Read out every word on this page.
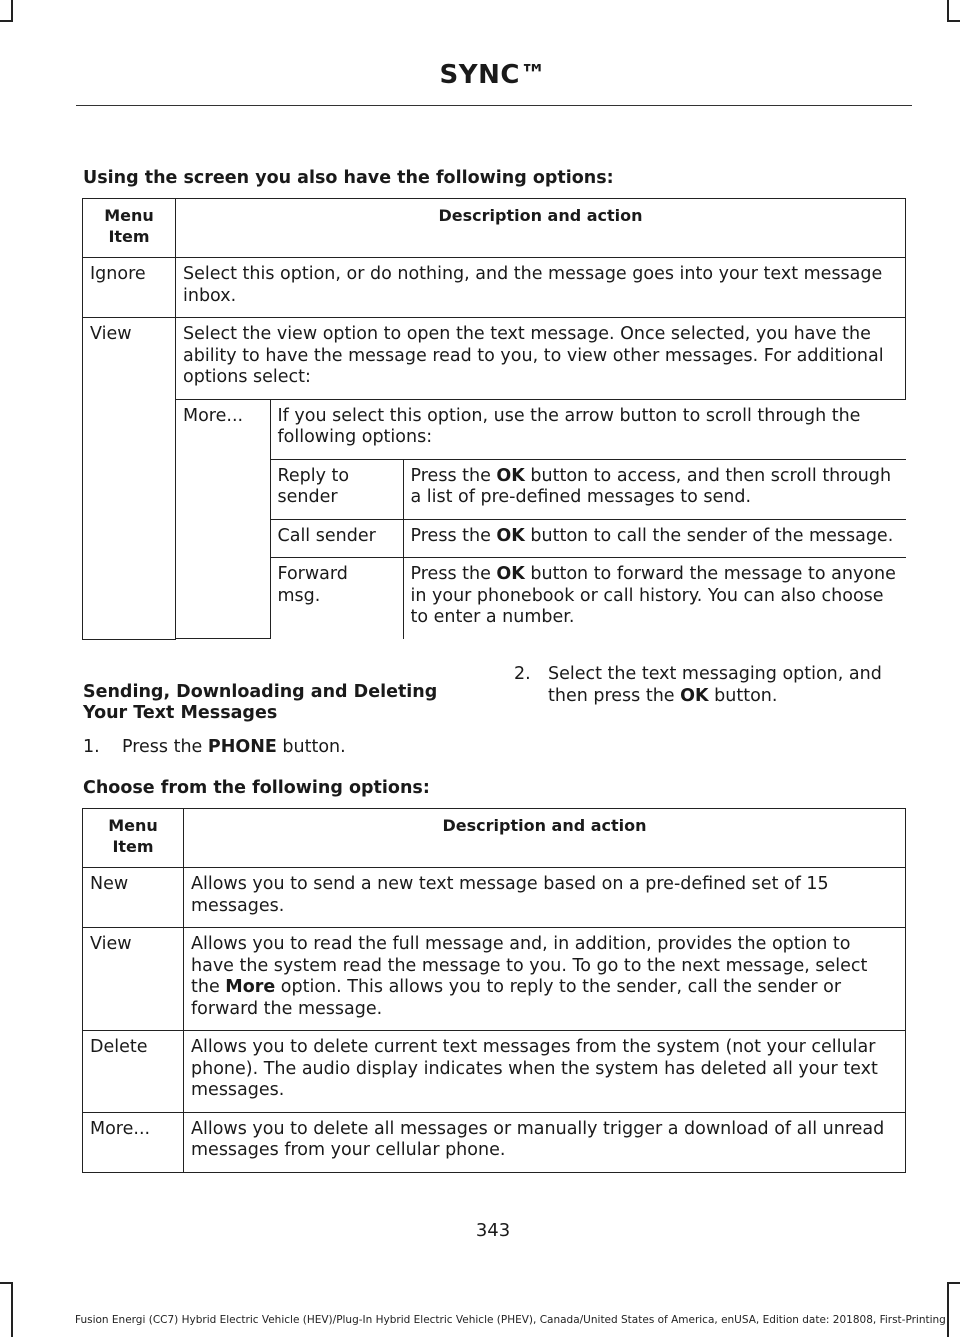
SYNC™
Using the screen you also have the following options:
Menu Item	Description and action
Ignore	Select this option, or do nothing, and the message goes into your text message inbox.
View	Select the view option to open the text message. Once selected, you have the ability to have the message read to you, to view other messages. For additional options select:

More...	If you select this option, use the arrow button to scroll through the following options:
Reply to sender	Press the OK button to access, and then scroll through a list of pre-defined messages to send.
Call sender	Press the OK button to call the sender of the message.
Forward msg.	Press the OK button to forward the message to anyone in your phonebook or call history. You can also choose to enter a number.
Sending, Downloading and Deleting Your Text Messages
1. Press the PHONE button.
2. Select the text messaging option, and then press the OK button.
Choose from the following options:
Menu Item	Description and action
New	Allows you to send a new text message based on a pre-defined set of 15 messages.
View	Allows you to read the full message and, in addition, provides the option to have the system read the message to you. To go to the next message, select the More option. This allows you to reply to the sender, call the sender or forward the message.
Delete	Allows you to delete current text messages from the system (not your cellular phone). The audio display indicates when the system has deleted all your text messages.
More...	Allows you to delete all messages or manually trigger a download of all unread messages from your cellular phone.
343
Fusion Energi (CC7) Hybrid Electric Vehicle (HEV)/Plug-In Hybrid Electric Vehicle (PHEV), Canada/United States of America, enUSA, Edition date: 201808, First-Printing
